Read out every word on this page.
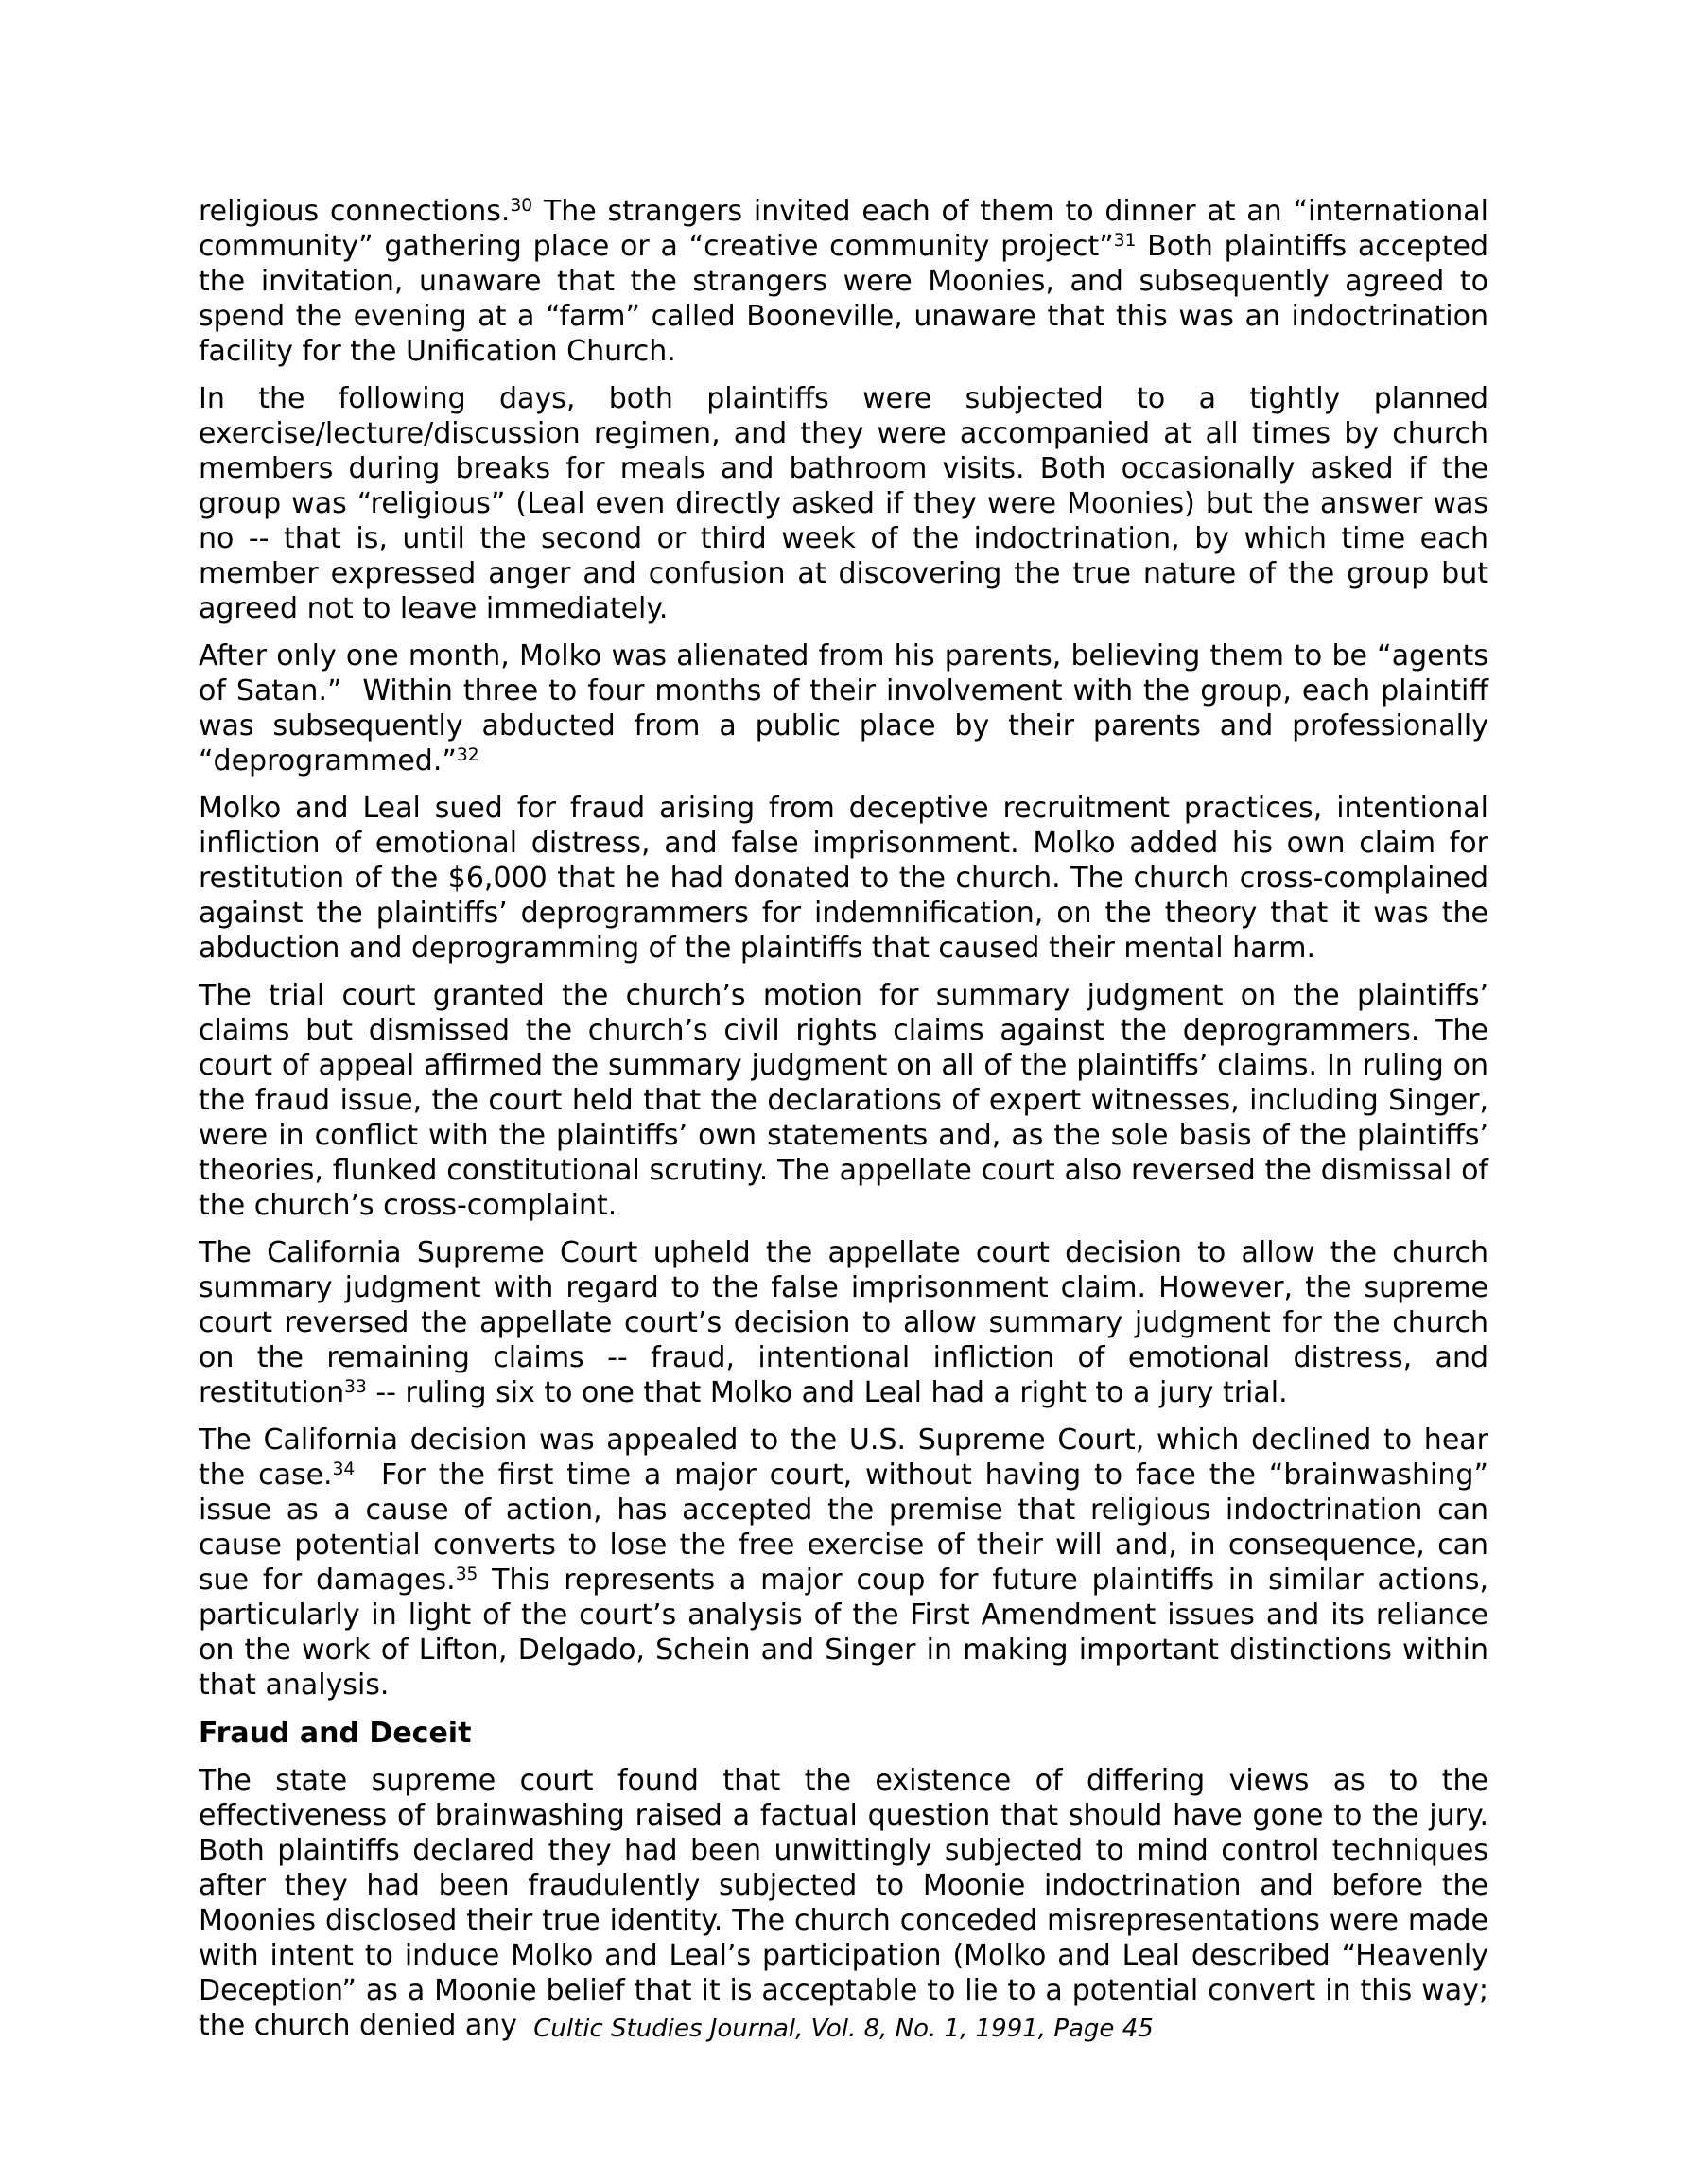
religious connections.$^{30}$ The strangers invited each of them to dinner at an “international community” gathering place or a “creative community project”$^{31}$ Both plaintiffs accepted the invitation, unaware that the strangers were Moonies, and subsequently agreed to spend the evening at a “farm” called Booneville, unaware that this was an indoctrination facility for the Unification Church.

In the following days, both plaintiffs were subjected to a tightly planned exercise/lecture/discussion regimen, and they were accompanied at all times by church members during breaks for meals and bathroom visits. Both occasionally asked if the group was “religious” (Leal even directly asked if they were Moonies) but the answer was no -- that is, until the second or third week of the indoctrination, by which time each member expressed anger and confusion at discovering the true nature of the group but agreed not to leave immediately.

After only one month, Molko was alienated from his parents, believing them to be “agents of Satan.”  Within three to four months of their involvement with the group, each plaintiff was subsequently abducted from a public place by their parents and professionally “deprogrammed.”$^{32}$

Molko and Leal sued for fraud arising from deceptive recruitment practices, intentional infliction of emotional distress, and false imprisonment. Molko added his own claim for restitution of the $6,000 that he had donated to the church. The church cross-complained against the plaintiffs’ deprogrammers for indemnification, on the theory that it was the abduction and deprogramming of the plaintiffs that caused their mental harm.

The trial court granted the church’s motion for summary judgment on the plaintiffs’ claims but dismissed the church’s civil rights claims against the deprogrammers. The court of appeal affirmed the summary judgment on all of the plaintiffs’ claims. In ruling on the fraud issue, the court held that the declarations of expert witnesses, including Singer, were in conflict with the plaintiffs’ own statements and, as the sole basis of the plaintiffs’ theories, flunked constitutional scrutiny. The appellate court also reversed the dismissal of the church’s cross-complaint.

The California Supreme Court upheld the appellate court decision to allow the church summary judgment with regard to the false imprisonment claim. However, the supreme court reversed the appellate court’s decision to allow summary judgment for the church on the remaining claims -- fraud, intentional infliction of emotional distress, and restitution$^{33}$ -- ruling six to one that Molko and Leal had a right to a jury trial.

The California decision was appealed to the U.S. Supreme Court, which declined to hear the case.$^{34}$  For the first time a major court, without having to face the “brainwashing” issue as a cause of action, has accepted the premise that religious indoctrination can cause potential converts to lose the free exercise of their will and, in consequence, can sue for damages.$^{35}$ This represents a major coup for future plaintiffs in similar actions, particularly in light of the court’s analysis of the First Amendment issues and its reliance on the work of Lifton, Delgado, Schein and Singer in making important distinctions within that analysis.

Fraud and Deceit

The state supreme court found that the existence of differing views as to the effectiveness of brainwashing raised a factual question that should have gone to the jury. Both plaintiffs declared they had been unwittingly subjected to mind control techniques after they had been fraudulently subjected to Moonie indoctrination and before the Moonies disclosed their true identity. The church conceded misrepresentations were made with intent to induce Molko and Leal’s participation (Molko and Leal described “Heavenly Deception” as a Moonie belief that it is acceptable to lie to a potential convert in this way; the church denied any Cultic Studies Journal, Vol. 8, No. 1, 1991, Page 45
